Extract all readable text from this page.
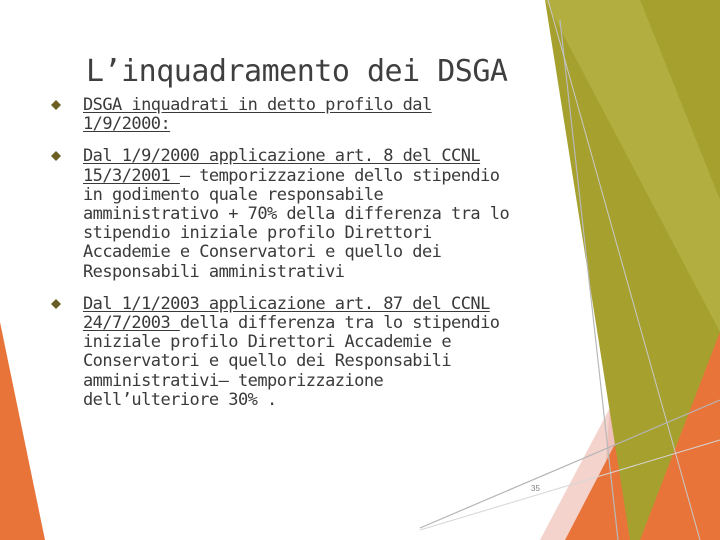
L’inquadramento dei DSGA
DSGA inquadrati in detto profilo dal 1/9/2000:
Dal 1/9/2000 applicazione art. 8 del CCNL 15/3/2001 – temporizzazione dello stipendio in godimento quale responsabile amministrativo + 70% della differenza tra lo stipendio iniziale profilo Direttori Accademie e Conservatori e quello dei Responsabili amministrativi
Dal 1/1/2003 applicazione art. 87 del CCNL 24/7/2003 della differenza tra lo stipendio iniziale profilo Direttori Accademie e Conservatori e quello dei Responsabili amministrativi– temporizzazione dell’ulteriore 30% .
35
